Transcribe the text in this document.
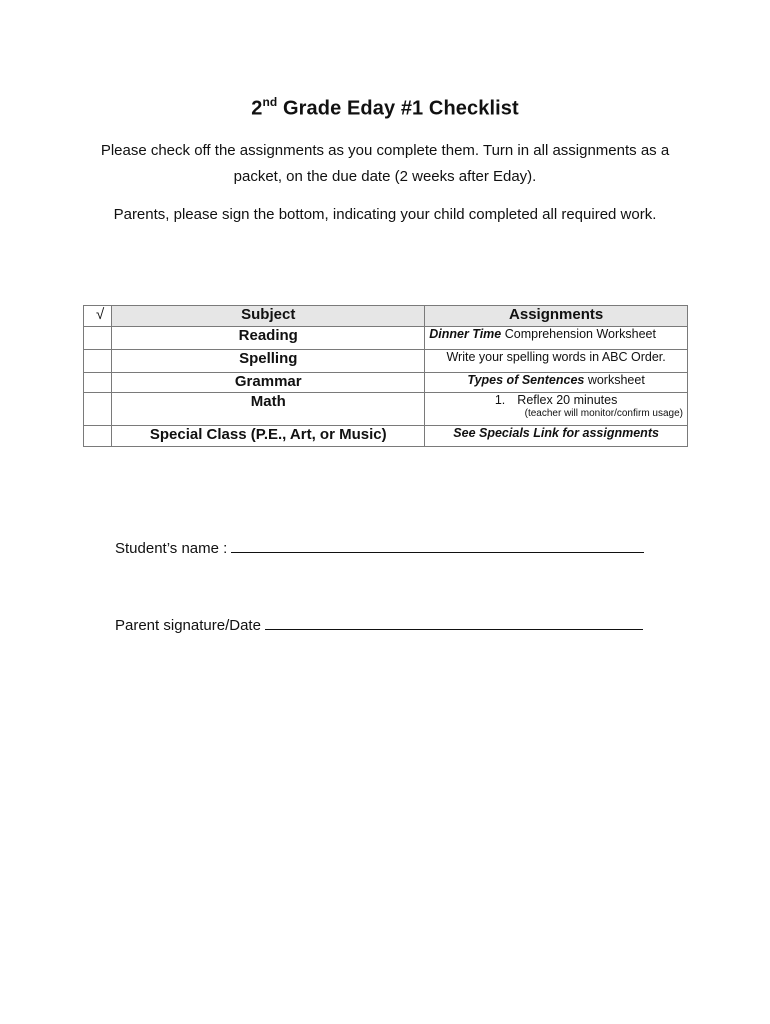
2nd Grade Eday #1 Checklist
Please check off the assignments as you complete them. Turn in all assignments as a packet, on the due date (2 weeks after Eday).
Parents, please sign the bottom, indicating your child completed all required work.
√	Subject	Assignments
	Reading	Dinner Time Comprehension Worksheet
	Spelling	Write your spelling words in ABC Order.
	Grammar	Types of Sentences worksheet
	Math	1. Reflex 20 minutes
(teacher will monitor/confirm usage)

	Special Class (P.E., Art, or Music)	See Specials Link for assignments
Student’s name :
Parent signature/Date
